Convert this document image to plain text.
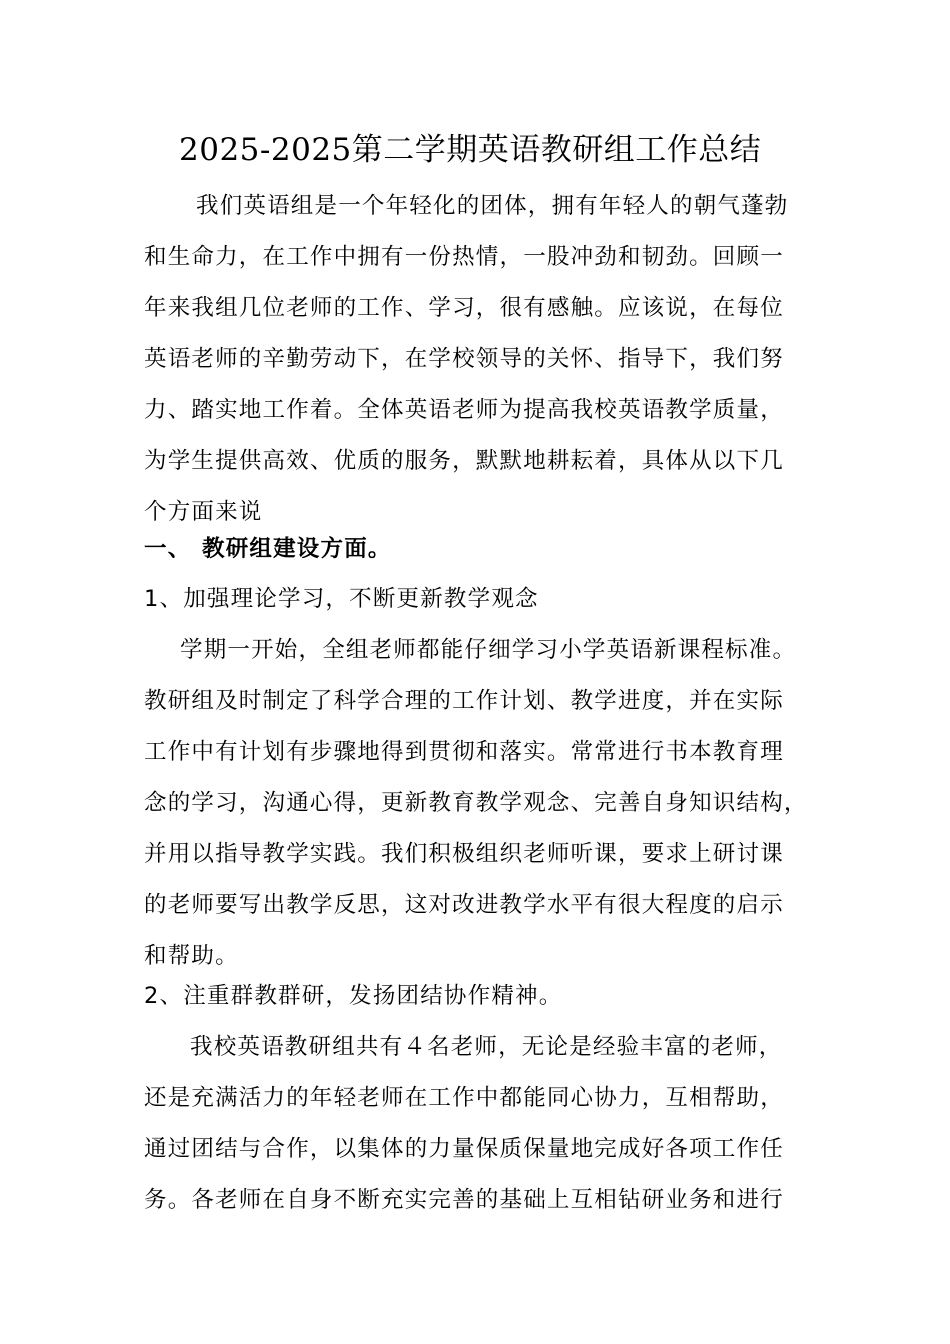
2025-2025第二学期英语教研组工作总结
我们英语组是一个年轻化的团体，拥有年轻人的朝气蓬勃
和生命力，在工作中拥有一份热情，一股冲劲和韧劲。回顾一
年来我组几位老师的工作、学习，很有感触。应该说，在每位
英语老师的辛勤劳动下，在学校领导的关怀、指导下，我们努
力、踏实地工作着。全体英语老师为提高我校英语教学质量，
为学生提供高效、优质的服务，默默地耕耘着，具体从以下几
个方面来说
一、 教研组建设方面。
1、加强理论学习，不断更新教学观念
学期一开始，全组老师都能仔细学习小学英语新课程标准。
教研组及时制定了科学合理的工作计划、教学进度，并在实际
工作中有计划有步骤地得到贯彻和落实。常常进行书本教育理
念的学习，沟通心得，更新教育教学观念、完善自身知识结构，
并用以指导教学实践。我们积极组织老师听课，要求上研讨课
的老师要写出教学反思，这对改进教学水平有很大程度的启示
和帮助。
2、注重群教群研，发扬团结协作精神。
我校英语教研组共有４名老师，无论是经验丰富的老师，
还是充满活力的年轻老师在工作中都能同心协力，互相帮助，
通过团结与合作，以集体的力量保质保量地完成好各项工作任
务。各老师在自身不断充实完善的基础上互相钻研业务和进行
